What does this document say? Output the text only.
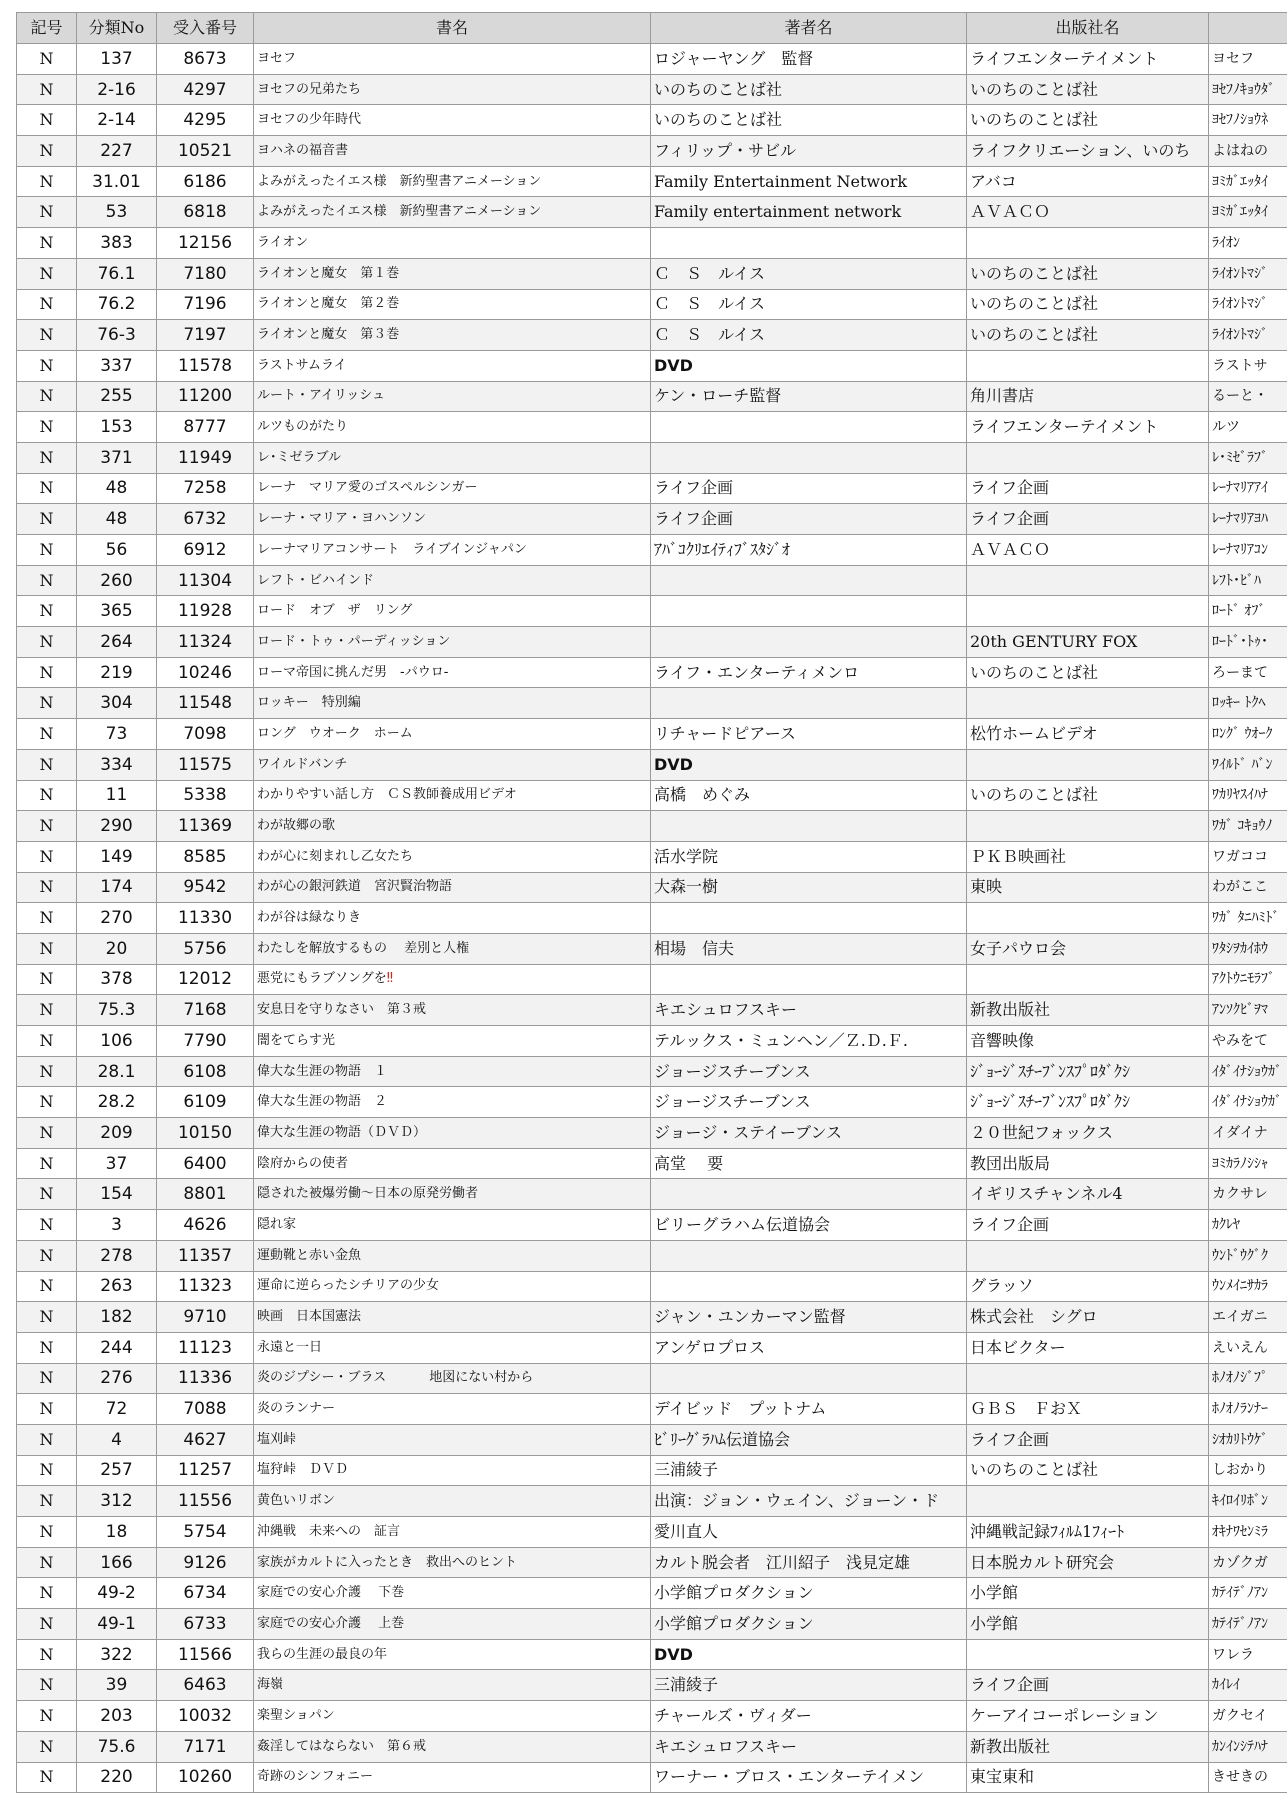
記号	分類No	受入番号	書名	著者名	出版社名	
N	137	8673	ヨセフ	ロジャーヤング　監督	ライフエンターテイメント	ヨセフ
N	2-16	4297	ヨセフの兄弟たち	いのちのことば社	いのちのことば社	ﾖｾﾌﾉｷｮｳﾀﾞ
N	2-14	4295	ヨセフの少年時代	いのちのことば社	いのちのことば社	ﾖｾﾌﾉｼｮｳﾈ
N	227	10521	ヨハネの福音書	フィリップ・サビル	ライフクリエーション、いのち	よはねの
N	31.01	6186	よみがえったイエス様　新約聖書アニメーション	Family Entertainment Network	アバコ	ﾖﾐｶﾞｴｯﾀｲ
N	53	6818	よみがえったイエス様　新約聖書アニメーション	Family entertainment network	ＡＶＡＣＯ	ﾖﾐｶﾞｴｯﾀｲ
N	383	12156	ライオン			ﾗｲｵﾝ
N	76.1	7180	ライオンと魔女　第１巻	Ｃ　Ｓ　ルイス	いのちのことば社	ﾗｲｵﾝﾄﾏｼﾞ
N	76.2	7196	ライオンと魔女　第２巻	Ｃ　Ｓ　ルイス	いのちのことば社	ﾗｲｵﾝﾄﾏｼﾞ
N	76-3	7197	ライオンと魔女　第３巻	Ｃ　Ｓ　ルイス	いのちのことば社	ﾗｲｵﾝﾄﾏｼﾞ
N	337	11578	ラストサムライ	DVD		ラストサ
N	255	11200	ルート・アイリッシュ	ケン・ローチ監督	角川書店	るーと・
N	153	8777	ルツものがたり		ライフエンターテイメント	ルツ
N	371	11949	レ･ミゼラブル			ﾚ･ﾐｾﾞﾗﾌﾞ
N	48	7258	レーナ　マリア愛のゴスペルシンガー	ライフ企画	ライフ企画	ﾚｰﾅﾏﾘｱｱｲ
N	48	6732	レーナ・マリア・ヨハンソン	ライフ企画	ライフ企画	ﾚｰﾅﾏﾘｱﾖﾊ
N	56	6912	レーナマリアコンサート　ライブインジャパン	ｱﾊﾞｺｸﾘｴｲﾃｨﾌﾞｽﾀｼﾞｵ	ＡＶＡＣＯ	ﾚｰﾅﾏﾘｱｺﾝ
N	260	11304	レフト・ビハインド			ﾚﾌﾄ･ﾋﾞﾊ
N	365	11928	ロード　オブ　ザ　リング			ﾛｰﾄﾞ ｵﾌﾞ
N	264	11324	ロード・トゥ・パーディッション		20th GENTURY FOX	ﾛｰﾄﾞ･ﾄｩ･
N	219	10246	ローマ帝国に挑んだ男　-パウロ-	ライフ・エンターティメンロ	いのちのことば社	ろーまて
N	304	11548	ロッキー　特別編			ﾛｯｷｰ ﾄｸﾍ
N	73	7098	ロング　ウオーク　ホーム	リチャードピアース	松竹ホームビデオ	ﾛﾝｸﾞ ｳｵｰｸ
N	334	11575	ワイルドバンチ	DVD		ﾜｲﾙﾄﾞ ﾊﾞﾝ
N	11	5338	わかりやすい話し方　ＣＳ教師養成用ビデオ	高橋　めぐみ	いのちのことば社	ﾜｶﾘﾔｽｲﾊﾅ
N	290	11369	わが故郷の歌			ﾜｶﾞ ｺｷｮｳﾉ
N	149	8585	わが心に刻まれし乙女たち	活水学院	ＰＫＢ映画社	ワガココ
N	174	9542	わが心の銀河鉄道　宮沢賢治物語	大森一樹	東映	わがここ
N	270	11330	わが谷は緑なりき			ﾜｶﾞ ﾀﾆﾊﾐﾄﾞ
N	20	5756	わたしを解放するもの　 差別と人権	相場　信夫	女子パウロ会	ﾜﾀｼｦｶｲﾎｳ
N	378	12012	悪党にもラブソングを‼			ｱｸﾄｳﾆﾓﾗﾌﾞ
N	75.3	7168	安息日を守りなさい　第３戒	キエシュロフスキー	新教出版社	ｱﾝｿｸﾋﾞｦﾏ
N	106	7790	闇をてらす光	テルックス・ミュンヘン／Ｚ.Ｄ.Ｆ.	音響映像	やみをて
N	28.1	6108	偉大な生涯の物語　１	ジョージスチーブンス	ｼﾞｮｰｼﾞｽﾁｰﾌﾞﾝｽﾌﾟﾛﾀﾞｸｼ	ｲﾀﾞｲﾅｼｮｳｶﾞ
N	28.2	6109	偉大な生涯の物語　２	ジョージスチーブンス	ｼﾞｮｰｼﾞｽﾁｰﾌﾞﾝｽﾌﾟﾛﾀﾞｸｼ	ｲﾀﾞｲﾅｼｮｳｶﾞ
N	209	10150	偉大な生涯の物語（ＤＶＤ）	ジョージ・ステイーブンス	２０世紀フォックス	イダイナ
N	37	6400	陰府からの使者	高堂　 要	教団出版局	ﾖﾐｶﾗﾉｼｼｬ
N	154	8801	隠された被爆労働～日本の原発労働者		イギリスチャンネル4	カクサレ
N	3	4626	隠れ家	ビリーグラハム伝道協会	ライフ企画	ｶｸﾚﾔ
N	278	11357	運動靴と赤い金魚			ｳﾝﾄﾞｳｸﾞｸ
N	263	11323	運命に逆らったシチリアの少女		グラッソ	ｳﾝﾒｲﾆｻｶﾗ
N	182	9710	映画　日本国憲法	ジャン・ユンカーマン監督	株式会社　シグロ	エイガニ
N	244	11123	永遠と一日	アンゲロプロス	日本ビクター	えいえん
N	276	11336	炎のジプシー・ブラス　 　　地図にない村から			ﾎﾉｵﾉｼﾞﾌﾟ
N	72	7088	炎のランナー	デイビッド　プットナム	ＧＢＳ　ＦおＸ	ﾎﾉｵﾉﾗﾝﾅｰ
N	4	4627	塩刈峠	ﾋﾞﾘｰｸﾞﾗﾊﾑ伝道協会	ライフ企画	ｼｵｶﾘﾄｳｹﾞ
N	257	11257	塩狩峠　ＤＶＤ	三浦綾子	いのちのことば社	しおかり
N	312	11556	黄色いリボン	出演：ジョン・ウェイン、ジョーン・ド		ｷｲﾛｲﾘﾎﾞﾝ
N	18	5754	沖縄戦　未来への　証言	愛川直人	沖縄戦記録ﾌｨﾙﾑ1ﾌｨｰﾄ	ｵｷﾅﾜｾﾝﾐﾗ
N	166	9126	家族がカルトに入ったとき　救出へのヒント	カルト脱会者　江川紹子　浅見定雄	日本脱カルト研究会	カゾクガ
N	49-2	6734	家庭での安心介護　 下巻	小学館プロダクション	小学館	ｶﾃｲﾃﾞﾉｱﾝ
N	49-1	6733	家庭での安心介護　 上巻	小学館プロダクション	小学館	ｶﾃｲﾃﾞﾉｱﾝ
N	322	11566	我らの生涯の最良の年	DVD		ワレラ
N	39	6463	海嶺	三浦綾子	ライフ企画	ｶｲﾚｲ
N	203	10032	楽聖ショパン	チャールズ・ヴィダー	ケーアイコーポレーション	ガクセイ
N	75.6	7171	姦淫してはならない　第６戒	キエシュロフスキー	新教出版社	ｶﾝｲﾝｼﾃﾊﾅ
N	220	10260	奇跡のシンフォニー	ワーナー・ブロス・エンターテイメン	東宝東和	きせきの
